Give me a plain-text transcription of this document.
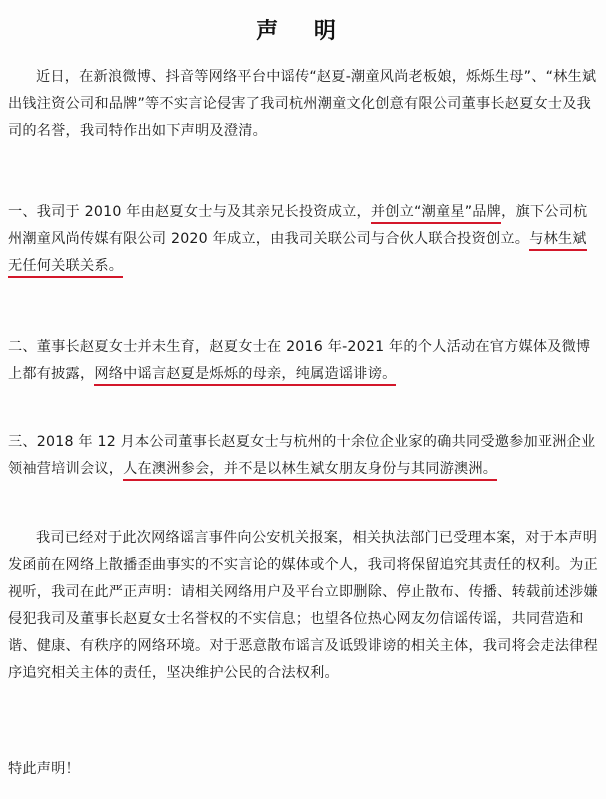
声 明

近日，在新浪微博、抖音等网络平台中谣传“赵夏-潮童风尚老板娘，烁烁生母”、“林生斌出钱注资公司和品牌”等不实言论侵害了我司杭州潮童文化创意有限公司董事长赵夏女士及我司的名誉，我司特作出如下声明及澄清。

一、我司于 2010 年由赵夏女士与及其亲兄长投资成立，并创立“潮童星”品牌，旗下公司杭州潮童风尚传媒有限公司 2020 年成立，由我司关联公司与合伙人联合投资创立。与林生斌无任何关联关系。

二、董事长赵夏女士并未生育，赵夏女士在 2016 年-2021 年的个人活动在官方媒体及微博上都有披露，网络中谣言赵夏是烁烁的母亲，纯属造谣诽谤。

三、2018 年 12 月本公司董事长赵夏女士与杭州的十余位企业家的确共同受邀参加亚洲企业领袖营培训会议，人在澳洲参会，并不是以林生斌女朋友身份与其同游澳洲。

我司已经对于此次网络谣言事件向公安机关报案，相关执法部门已受理本案，对于本声明发函前在网络上散播歪曲事实的不实言论的媒体或个人，我司将保留追究其责任的权利。为正视听，我司在此严正声明：请相关网络用户及平台立即删除、停止散布、传播、转载前述涉嫌侵犯我司及董事长赵夏女士名誉权的不实信息；也望各位热心网友勿信谣传谣，共同营造和谐、健康、有秩序的网络环境。对于恶意散布谣言及诋毁诽谤的相关主体，我司将会走法律程序追究相关主体的责任，坚决维护公民的合法权利。

特此声明！
